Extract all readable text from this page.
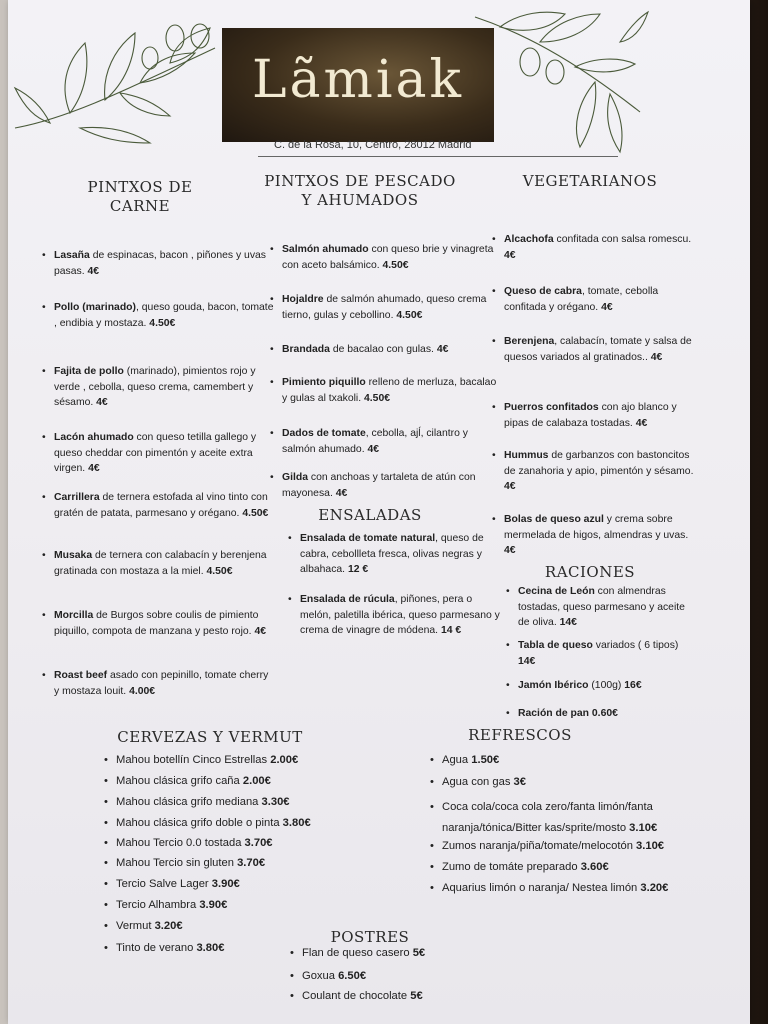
Lãmiak
C. de la Rosa, 10, Centro, 28012 Madrid
PINTXOS DE
CARNE
PINTXOS DE PESCADO
Y AHUMADOS
VEGETARIANOS
ENSALADAS
RACIONES
CERVEZAS Y VERMUT	REFRESCOS
POSTRES
• Lasaña de espinacas, bacon , piñones y uvas pasas. 4€
• Pollo (marinado), queso gouda, bacon, tomate , endibia y mostaza. 4.50€
• Fajita de pollo (marinado), pimientos rojo y verde , cebolla, queso crema, camembert y sésamo. 4€
• Lacón ahumado con queso tetilla gallego y queso cheddar con pimentón y aceite extra virgen. 4€
• Carrillera de ternera estofada al vino tinto con gratén de patata, parmesano y orégano. 4.50€
• Musaka de ternera con calabacín y berenjena gratinada con mostaza a la miel. 4.50€
• Morcilla de Burgos sobre coulis de pimiento piquillo, compota de manzana y pesto rojo. 4€
• Roast beef asado con pepinillo, tomate cherry y mostaza louit. 4.00€
• Salmón ahumado con queso brie y vinagreta con aceto balsámico. 4.50€
• Hojaldre de salmón ahumado, queso crema tierno, gulas y cebollino. 4.50€
• Brandada de bacalao con gulas. 4€
• Pimiento piquillo relleno de merluza, bacalao y gulas al txakoli. 4.50€
• Dados de tomate, cebolla, ajĺ, cilantro y salmón ahumado. 4€
• Gilda con anchoas y tartaleta de atún con mayonesa. 4€
• Ensalada de tomate natural, queso de cabra, cebollleta fresca, olivas negras y albahaca. 12 €
• Ensalada de rúcula, piñones, pera o melón, paletilla ibérica, queso parmesano y crema de vinagre de módena. 14 €
• Alcachofa confitada con salsa romescu. 4€
• Queso de cabra, tomate, cebolla confitada y orégano. 4€
• Berenjena, calabacín, tomate y salsa de quesos variados al gratinados.. 4€
• Puerros confitados con ajo blanco y pipas de calabaza tostadas. 4€
• Hummus de garbanzos con bastoncitos de zanahoria y apio, pimentón y sésamo. 4€
• Bolas de queso azul y crema sobre mermelada de higos, almendras y uvas. 4€
• Cecina de León con almendras tostadas, queso parmesano y aceite de oliva. 14€
• Tabla de queso variados ( 6 tipos) 14€
• Jamón Ibérico (100g) 16€
• Ración de pan 0.60€
• Mahou botellín Cinco Estrellas 2.00€
• Mahou clásica grifo caña 2.00€
• Mahou clásica grifo mediana 3.30€
• Mahou clásica grifo doble o pinta 3.80€
• Mahou Tercio 0.0 tostada 3.70€
• Mahou Tercio sin gluten 3.70€
• Tercio Salve Lager 3.90€
• Tercio Alhambra 3.90€
• Vermut 3.20€
• Tinto de verano 3.80€
• Agua 1.50€
• Agua con gas 3€
• Coca cola/coca cola zero/fanta limón/fanta
naranja/tónica/Bitter kas/sprite/mosto 3.10€
• Zumos naranja/piña/tomate/melocotón 3.10€
• Zumo de tomáte preparado 3.60€
• Aquarius limón o naranja/ Nestea limón 3.20€
• Flan de queso casero 5€
• Goxua 6.50€
• Coulant de chocolate 5€
